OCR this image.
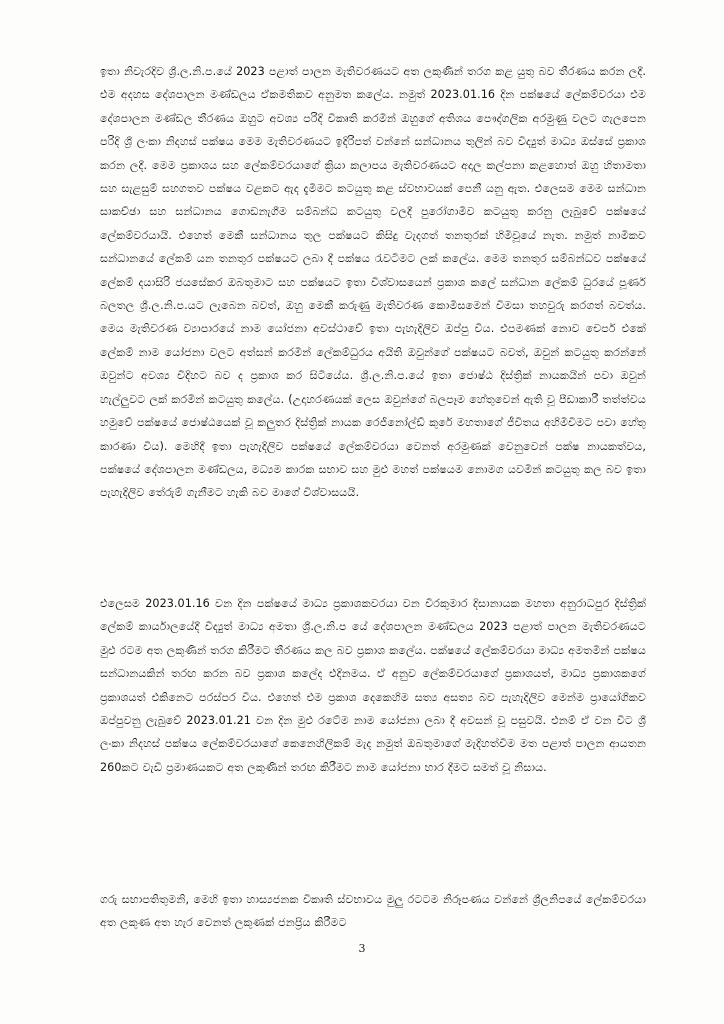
ඉතා නිවැරදිව ශ්‍රී.ල.නි.ප.යේ 2023 පළාත් පාලන මැතිවරණයට අත ලකුණින් තරග කළ යුතු බව තීරණය කරන ලදී. එම අදහස දේශපාලන මණ්ඩලය ඒකමතිකව අනුමත කලේය. නමුත් 2023.01.16 දින පක්ෂයේ ලේකම්වරයා එම දේශපාලන මණ්ඩල තීරණය ඔහුට අවශ්‍ය පරිදි විකෘති කරමින් ඔහුගේ අතිශය පෞද්ගලික අරමුණු වලට ගැලපෙන පරිදි ශ්‍රී ලංකා නිදහස් පක්ෂය මෙම මැතිවරණයට ඉදිරිපත් වන්නේ සන්ධානය තුලින් බව විද්‍යුත් මාධ්‍ය ඔස්සේ ප්‍රකාශ කරන ලදී. මෙම ප්‍රකාශය සහ ලේකම්වරයාගේ ක්‍රියා කලාපය මැතිවරණයට අදාල කල්පනා කළහොත් ඔහු හිතාමතා සහ සැළසුම් සහගතව පක්ෂය වළකට ඇද දැමීමට කටයුතු කළ ස්වභාවයක් පෙනී යනු ඇත. එලෙසම මෙම සන්ධාන සාකච්ඡා සහ සන්ධානය ගොඩනැගීම සම්බන්ධ කටයුතු වලදී පුරෝගාමීව කටයුතු කරනු ලැබුවේ පක්ෂයේ ලේකම්වරයායි. එහෙත් මෙකී සන්ධානය තුල පක්ෂයට කිසිදු වැදගත් තනතුරක් හිමිවූයේ නැත. නමුත් නාමිකව සන්ධානයේ ලේකම් යන තනතුර පක්ෂයට ලබා දී පක්ෂය රැවටීමට ලක් කලේය. මෙම තනතුර සම්බන්ධව පක්ෂයේ ලේකම් දයාසිරි ජයසේකර ඔබතුමාට සහ පක්ෂයට ඉතා විශ්වාසයෙන් ප්‍රකාශ කලේ සන්ධාන ලේකම් ධුරයේ පූර්ණ බලතල ශ්‍රී.ල.නි.ප.යට ලැබෙන බවත්, ඔහු මෙකී කරුණු මැතිවරණ කොමිසමෙන් විමසා තහවුරු කරගත් බවත්ය. මෙය මැතිවරණ ව්‍යාපාරයේ නාම යෝජනා අවස්ථාවේ ඉතා පැහැදිලිව ඔප්පු විය. එපමණක් නොව චෙපර් එකේ ලේකම් නාම යෝජනා වලට අත්සන් කරමින් ලේකම්ධුරය අයිති ඔවුන්ගේ පක්ෂයට බවත්, ඔවුන් කටයුතු කරන්නේ ඔවුන්ට අවශ්‍ය විදිහට බව ද ප්‍රකාශ කර සිටියේය. ශ්‍රී.ල.නි.ප.යේ ඉතා ජොෂ්ඨ දිස්ත්‍රික් නායකයින් පවා ඔවුන් හැල්ලුවට ලක් කරමින් කටයුතු කලේය. (උදාහරණයක් ලෙස ඔවුන්ගේ බලපෑම හේතුවෙන් ඇති වූ පීඩාකාරී තත්ත්වය හමුවේ පක්ෂයේ ජොෂ්ඨයෙක් වූ කලුතර දිස්ත්‍රික් නායක රෙජිනෝල්ඩ් කුරේ මහතාගේ ජීවිතය අහිමිවීමට පවා හේතු කාරණා විය). මෙහිදී ඉතා පැහැදිලිව පක්ෂයේ ලේකම්වරයා වෙනත් අරමුණක් වෙනුවෙන් පක්ෂ නායකත්වය, පක්ෂයේ දේශපාලන මණ්ඩලය, මධ්‍යම කාරක සභාව සහ මුළු මහත් පක්ෂයම නොමග යවමින් කටයුතු කල බව ඉතා පැහැදිලිව තේරුම් ගැනීමට හැකි බව මාගේ විශ්වාසයයි.

එලෙසම 2023.01.16 වන දින පක්ෂයේ මාධ්‍ය ප්‍රකාශකවරයා වන වීරකුමාර දිසානායක මහතා අනුරාධපුර දිස්ත්‍රික් ලේකම් කාර්යාලයේදී විද්‍යුත් මාධ්‍ය අමතා ශ්‍රී.ල.නි.ප යේ දේශපාලන මණ්ඩලය 2023 පළාත් පාලන මැතිවරණයට මුළු රටම අත ලකුණින් තරග කිරීමට තීරණය කල බව ප්‍රකාශ කලේය. පක්ෂයේ ලේකම්වරයා මාධ්‍ය අමතමින් පක්ෂය සන්ධානයකින් තරඟ කරන බව ප්‍රකාශ කලේද එදිනමය. ඒ අනුව ලේකම්වරයාගේ ප්‍රකාශයත්, මාධ්‍ය ප්‍රකාශකගේ ප්‍රකාශයත් එකිනෙට පරස්පර විය. එහෙත් එම ප්‍රකාශ දෙකෙහිම සත්‍ය අසත්‍ය බව පැහැදිලිව මෙන්ම ප්‍රායෝගිකව ඔප්පුවනු ලැබුවේ 2023.01.21 වන දින මුළු රටේම නාම යෝජනා ලබා දී අවසන් වූ පසුවයි. එනම් ඒ වන විට ශ්‍රී ලංකා නිදහස් පක්ෂය ලේකම්වරයාගේ කෙනෙහිලිකම් මැද නමුත් ඔබතුමාගේ මැදිහත්වීම මත පළාත් පාලන ආයතන 260කට වැඩි ප්‍රමාණයකට අත ලකුණින් තරඟ කිරීමට නාම යෝජනා භාර දීමට සමත් වූ නිසාය.

ගරු සභාපතිතුමනි, මෙහි ඉතා හාස්‍යජනක විකෘති ස්වභාවය මුලු රටටම නිරූපණය වන්නේ ශ්‍රීලනිපයේ ලේකම්වරයා අත ලකුණ අත හැර වෙනත් ලකුණක් ජනප්‍රිය කිරීමට

3
